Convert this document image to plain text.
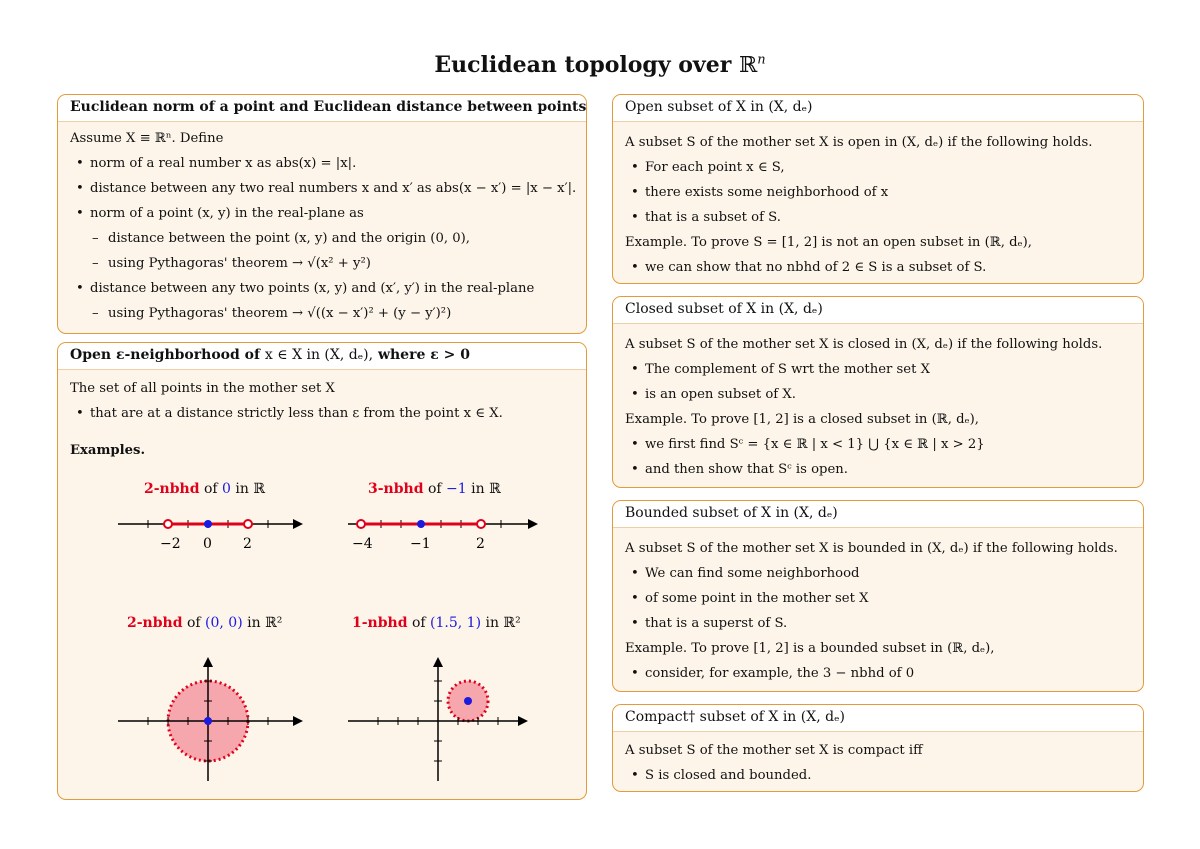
Euclidean topology over ℝ$^n$
Euclidean norm of a point and Euclidean distance between points
Assume X ≡ ℝⁿ. Define
• norm of a real number x as abs(x) = |x|.
• distance between any two real numbers x and x′ as abs(x − x′) = |x − x′|.
• norm of a point (x, y) in the real-plane as
– distance between the point (x, y) and the origin (0, 0),
– using Pythagoras' theorem → √(x² + y²)
• distance between any two points (x, y) and (x′, y′) in the real-plane
– using Pythagoras' theorem → √((x − x′)² + (y − y′)²)
Open ε-neighborhood of x ∈ X in (X, dₑ), where ε > 0
The set of all points in the mother set X
• that are at a distance strictly less than ε from the point x ∈ X.
Examples.
2-nbhd of 0 in ℝ	3-nbhd of −1 in ℝ
2-nbhd of (0, 0) in ℝ²	1-nbhd of (1.5, 1) in ℝ²
−2 0 2	−4	−1	2
Open subset of X in (X, dₑ)
A subset S of the mother set X is open in (X, dₑ) if the following holds.
• For each point x ∈ S,
• there exists some neighborhood of x
• that is a subset of S.
Example. To prove S = [1, 2] is not an open subset in (ℝ, dₑ),
• we can show that no nbhd of 2 ∈ S is a subset of S.
Closed subset of X in (X, dₑ)
A subset S of the mother set X is closed in (X, dₑ) if the following holds.
• The complement of S wrt the mother set X
• is an open subset of X.
Example. To prove [1, 2] is a closed subset in (ℝ, dₑ),
• we first find Sᶜ = {x ∈ ℝ | x < 1} ⋃ {x ∈ ℝ | x > 2}
• and then show that Sᶜ is open.
Bounded subset of X in (X, dₑ)
A subset S of the mother set X is bounded in (X, dₑ) if the following holds.
• We can find some neighborhood
• of some point in the mother set X
• that is a superst of S.
Example. To prove [1, 2] is a bounded subset in (ℝ, dₑ),
• consider, for example, the 3 − nbhd of 0
Compact† subset of X in (X, dₑ)
A subset S of the mother set X is compact iff
• S is closed and bounded.
